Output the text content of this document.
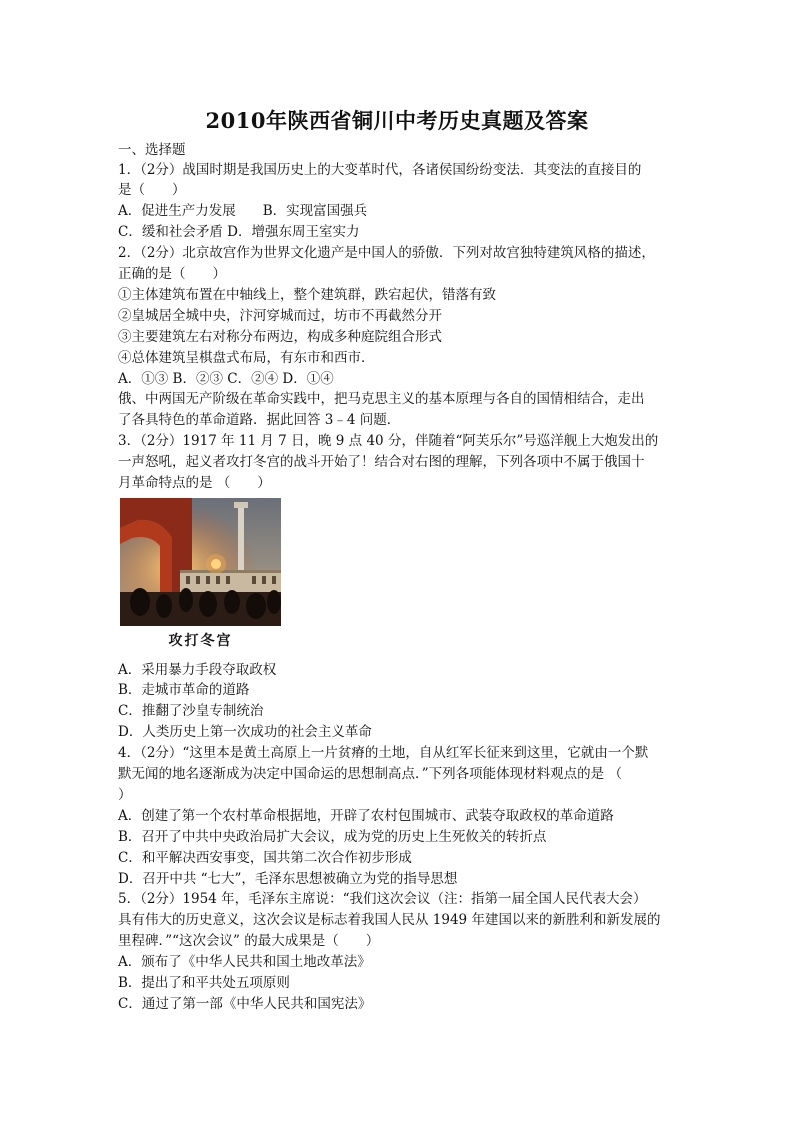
2010年陕西省铜川中考历史真题及答案
一、选择题
1．（2分）战国时期是我国历史上的大变革时代，各诸侯国纷纷变法．其变法的直接目的
是（　　）
A．促进生产力发展　　B．实现富国强兵
C．缓和社会矛盾 D．增强东周王室实力
2．（2分）北京故宫作为世界文化遗产是中国人的骄傲．下列对故宫独特建筑风格的描述，
正确的是（　　）
①主体建筑布置在中轴线上，整个建筑群，跌宕起伏，错落有致
②皇城居全城中央，汴河穿城而过，坊市不再截然分开
③主要建筑左右对称分布两边，构成多种庭院组合形式
④总体建筑呈棋盘式布局，有东市和西市．
A．①③ B．②③ C．②④ D．①④
俄、中两国无产阶级在革命实践中，把马克思主义的基本原理与各自的国情相结合，走出
了各具特色的革命道路．据此回答 3﹣4 问题．
3．（2分）1917 年 11 月 7 日，晚 9 点 40 分，伴随着“阿芙乐尔”号巡洋舰上大炮发出的
一声怒吼，起义者攻打冬宫的战斗开始了！结合对右图的理解，下列各项中不属于俄国十
月革命特点的是 （　　）
攻打冬宫
A．采用暴力手段夺取政权
B．走城市革命的道路
C．推翻了沙皇专制统治
D．人类历史上第一次成功的社会主义革命
4．（2分）“这里本是黄土高原上一片贫瘠的土地，自从红军长征来到这里，它就由一个默
默无闻的地名逐渐成为决定中国命运的思想制高点．”下列各项能体现材料观点的是 （
）
A．创建了第一个农村革命根据地，开辟了农村包围城市、武装夺取政权的革命道路
B．召开了中共中央政治局扩大会议，成为党的历史上生死攸关的转折点
C．和平解决西安事变，国共第二次合作初步形成
D．召开中共 “七大”，毛泽东思想被确立为党的指导思想
5．（2分）1954 年，毛泽东主席说：“我们这次会议（注：指第一届全国人民代表大会）
具有伟大的历史意义，这次会议是标志着我国人民从 1949 年建国以来的新胜利和新发展的
里程碑．”“这次会议” 的最大成果是（　　）
A．颁布了《中华人民共和国土地改革法》
B．提出了和平共处五项原则
C．通过了第一部《中华人民共和国宪法》
